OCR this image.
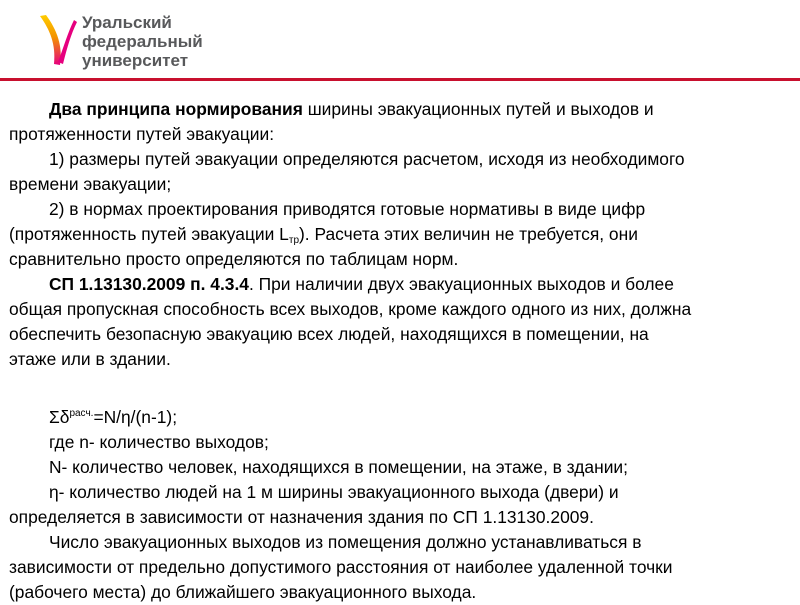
Уральский
федеральный
университет
Два принципа нормирования ширины эвакуационных путей и выходов и
протяженности путей эвакуации:
1) размеры путей эвакуации определяются расчетом, исходя из необходимого
времени эвакуации;
2) в нормах проектирования приводятся готовые нормативы в виде цифр
(протяженность путей эвакуации $L_{тр}$). Расчета этих величин не требуется, они
сравнительно просто определяются по таблицам норм.
СП 1.13130.2009 п. 4.3.4. При наличии двух эвакуационных выходов и более
общая пропускная способность всех выходов, кроме каждого одного из них, должна
обеспечить безопасную эвакуацию всех людей, находящихся в помещении, на
этаже или в здании.
$\Sigma\delta^{расч.}=N/\eta/(n-1)$;
где n- количество выходов;
N- количество человек, находящихся в помещении, на этаже, в здании;
η- количество людей на 1 м ширины эвакуационного выхода (двери) и
определяется в зависимости от назначения здания по СП 1.13130.2009.
Число эвакуационных выходов из помещения должно устанавливаться в
зависимости от предельно допустимого расстояния от наиболее удаленной точки
(рабочего места) до ближайшего эвакуационного выхода.
